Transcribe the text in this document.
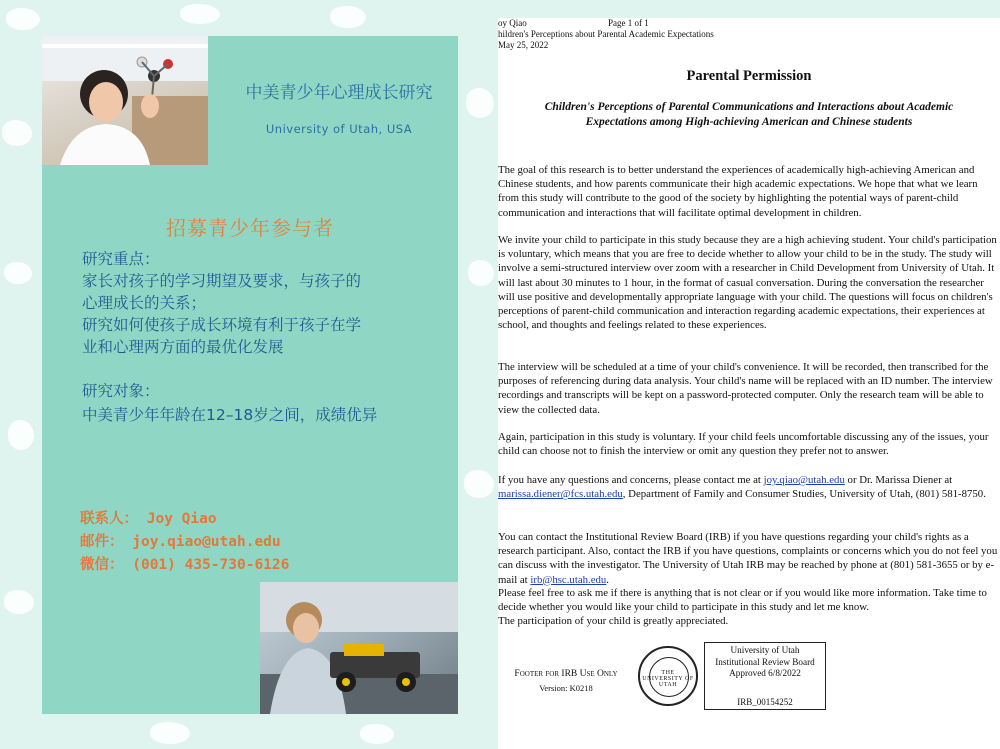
中美青少年心理成长研究
University of Utah, USA
招募青少年参与者
研究重点：
家长对孩子的学习期望及要求，与孩子的
心理成长的关系；
研究如何使孩子成长环境有利于孩子在学
业和心理两方面的最优化发展
研究对象：
中美青少年年龄在12–18岁之间，成绩优异
联系人： Joy Qiao
邮件： joy.qiao@utah.edu
微信： (001) 435-730-6126
oy Qiao
hildren's Perceptions about Parental Academic Expectations
May 25, 2022
Page 1 of 1
Parental Permission
Children's Perceptions of Parental Communications and Interactions about Academic
Expectations among High-achieving American and Chinese students

The goal of this research is to better understand the experiences of academically high-achieving American and Chinese students, and how parents communicate their high academic expectations. We hope that what we learn from this study will contribute to the good of the society by highlighting the potential ways of parent-child communication and interactions that will facilitate optimal development in children.

We invite your child to participate in this study because they are a high achieving student. Your child's participation is voluntary, which means that you are free to decide whether to allow your child to be in the study. The study will involve a semi-structured interview over zoom with a researcher in Child Development from University of Utah. It will last about 30 minutes to 1 hour, in the format of casual conversation. During the conversation the researcher will use positive and developmentally appropriate language with your child. The questions will focus on children's perceptions of parent-child communication and interaction regarding academic expectations, their experiences at school, and thoughts and feelings related to these experiences.

The interview will be scheduled at a time of your child's convenience. It will be recorded, then transcribed for the purposes of referencing during data analysis. Your child's name will be replaced with an ID number. The interview recordings and transcripts will be kept on a password-protected computer. Only the research team will be able to view the collected data.

Again, participation in this study is voluntary. If your child feels uncomfortable discussing any of the issues, your child can choose not to finish the interview or omit any question they prefer not to answer.

If you have any questions and concerns, please contact me at joy.qiao@utah.edu or Dr. Marissa Diener at marissa.diener@fcs.utah.edu, Department of Family and Consumer Studies, University of Utah, (801) 581-8750.

You can contact the Institutional Review Board (IRB) if you have questions regarding your child's rights as a research participant. Also, contact the IRB if you have questions, complaints or concerns which you do not feel you can discuss with the investigator. The University of Utah IRB may be reached by phone at (801) 581-3655 or by e-mail at irb@hsc.utah.edu.

Please feel free to ask me if there is anything that is not clear or if you would like more information. Take time to decide whether you would like your child to participate in this study and let me know.

The participation of your child is greatly appreciated.

Footer for IRB Use Only
Version: K0218
THE UNIVERSITY OF UTAH
University of Utah
Institutional Review Board
Approved 6/8/2022
IRB_00154252
